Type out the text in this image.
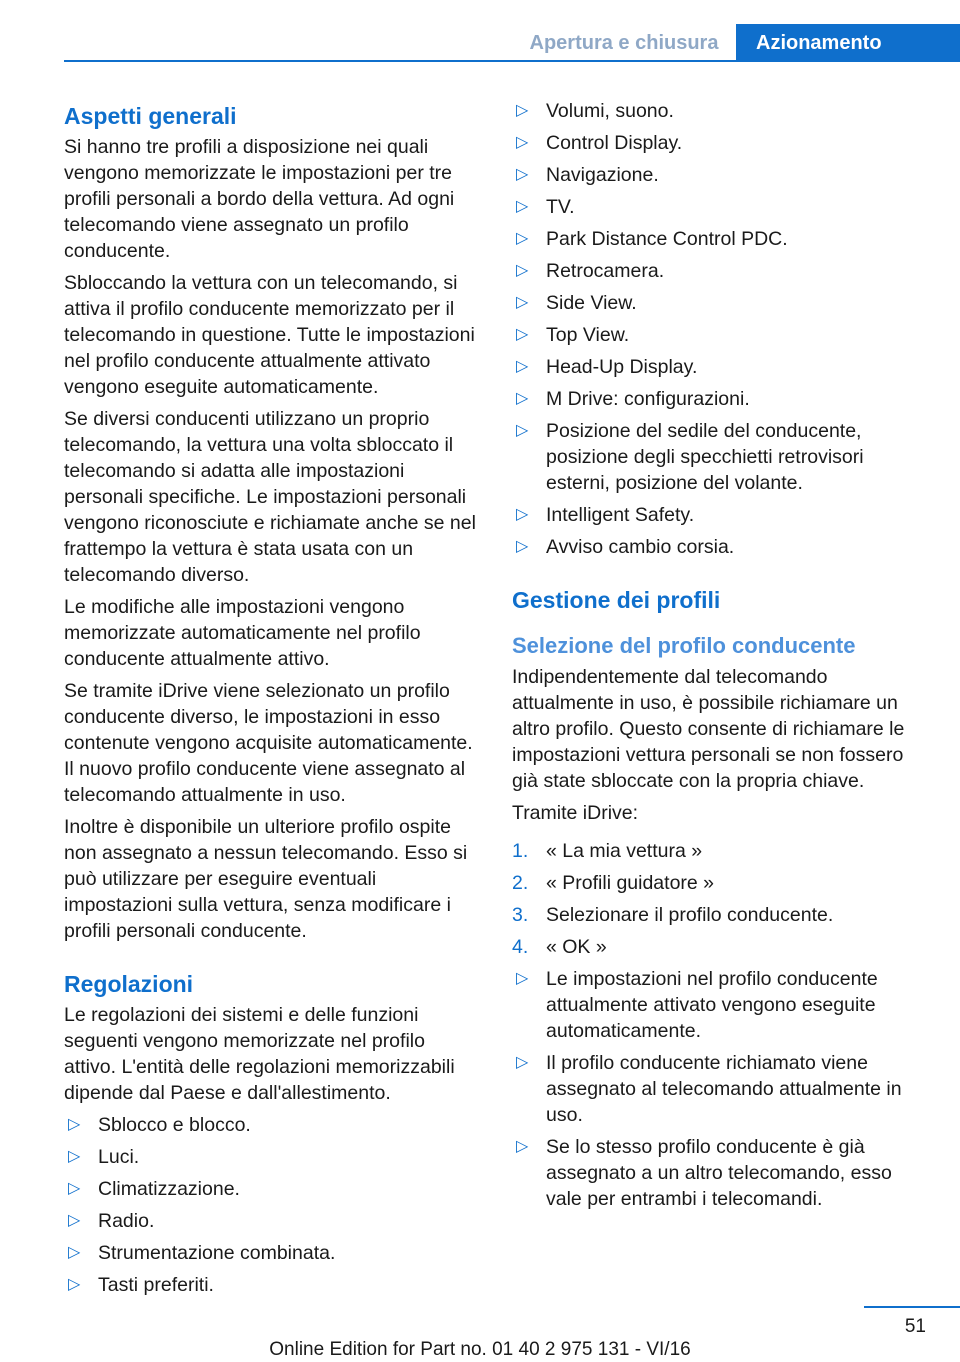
Apertura e chiusura	Azionamento
Aspetti generali

Si hanno tre profili a disposizione nei quali vengono memorizzate le impostazioni per tre profili personali a bordo della vettura. Ad ogni telecomando viene assegnato un profilo conducente.

Sbloccando la vettura con un telecomando, si attiva il profilo conducente memorizzato per il telecomando in questione. Tutte le impostazioni nel profilo conducente attualmente attivato vengono eseguite automaticamente.

Se diversi conducenti utilizzano un proprio telecomando, la vettura una volta sbloccato il telecomando si adatta alle impostazioni personali specifiche. Le impostazioni personali vengono riconosciute e richiamate anche se nel frattempo la vettura è stata usata con un telecomando diverso.

Le modifiche alle impostazioni vengono memorizzate automaticamente nel profilo conducente attualmente attivo.

Se tramite iDrive viene selezionato un profilo conducente diverso, le impostazioni in esso contenute vengono acquisite automaticamente. Il nuovo profilo conducente viene assegnato al telecomando attualmente in uso.

Inoltre è disponibile un ulteriore profilo ospite non assegnato a nessun telecomando. Esso si può utilizzare per eseguire eventuali impostazioni sulla vettura, senza modificare i profili personali conducente.

Regolazioni

Le regolazioni dei sistemi e delle funzioni seguenti vengono memorizzate nel profilo attivo. L'entità delle regolazioni memorizzabili dipende dal Paese e dall'allestimento.

▷ Sblocco e blocco.
▷ Luci.
▷ Climatizzazione.
▷ Radio.
▷ Strumentazione combinata.
▷ Tasti preferiti.
▷ Volumi, suono.
▷ Control Display.
▷ Navigazione.
▷ TV.
▷ Park Distance Control PDC.
▷ Retrocamera.
▷ Side View.
▷ Top View.
▷ Head-Up Display.
▷ M Drive: configurazioni.
▷ Posizione del sedile del conducente, posizione degli specchietti retrovisori esterni, posizione del volante.
▷ Intelligent Safety.
▷ Avviso cambio corsia.
Gestione dei profili
Selezione del profilo conducente

Indipendentemente dal telecomando attualmente in uso, è possibile richiamare un altro profilo. Questo consente di richiamare le impostazioni vettura personali se non fossero già state sbloccate con la propria chiave.

Tramite iDrive:

1. « La mia vettura »
2. « Profili guidatore »
3. Selezionare il profilo conducente.
4. « OK »
▷ Le impostazioni nel profilo conducente attualmente attivato vengono eseguite automaticamente.
▷ Il profilo conducente richiamato viene assegnato al telecomando attualmente in uso.
▷ Se lo stesso profilo conducente è già assegnato a un altro telecomando, esso vale per entrambi i telecomandi.
51
Online Edition for Part no. 01 40 2 975 131 - VI/16
